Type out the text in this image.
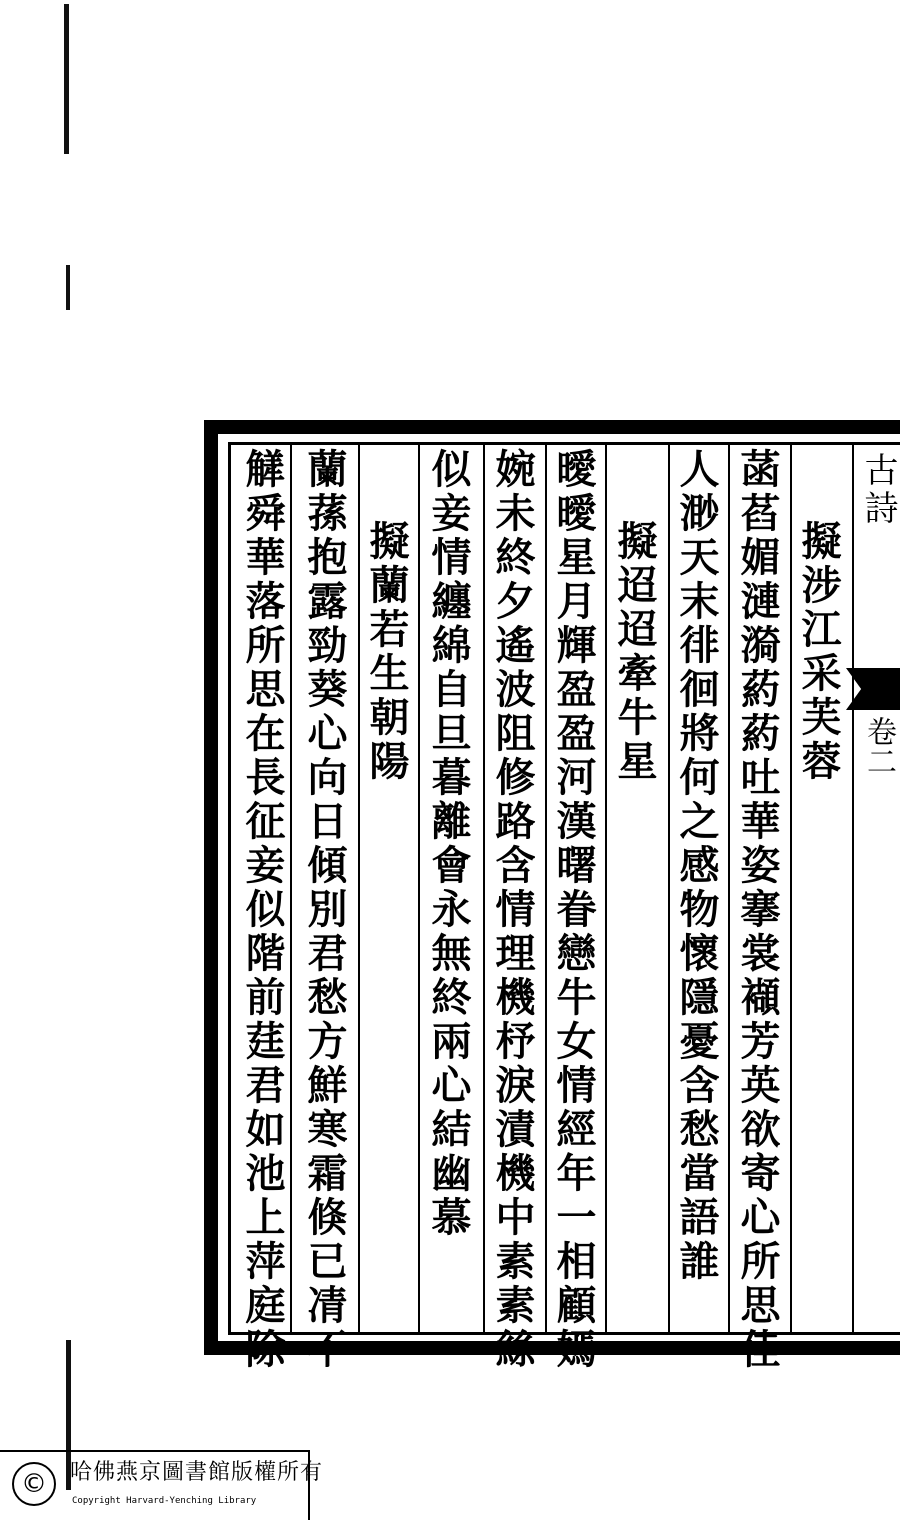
古詩
卷二
擬涉江采芙蓉
菡萏媚漣漪葯葯吐華姿搴裳襭芳英欲寄心所思佳
人渺天末徘徊將何之感物懷隱憂含愁當語誰
擬迢迢牽牛星
曖曖星月輝盈盈河漢曙眷戀牛女情經年一相顧嫣
婉未終夕遙波阻修路含情理機杼淚漬機中素素絲
似妾情纏綿自旦暮離會永無終兩心結幽慕
擬蘭若生朝陽
蘭蓀抱露勁葵心向日傾別君愁方鮮寒霜倏已凊不
觲舜華落所思在長征妾似階前莛君如池上萍庭除
©	哈佛燕京圖書館版權所有
Copyright Harvard-Yenching Library
